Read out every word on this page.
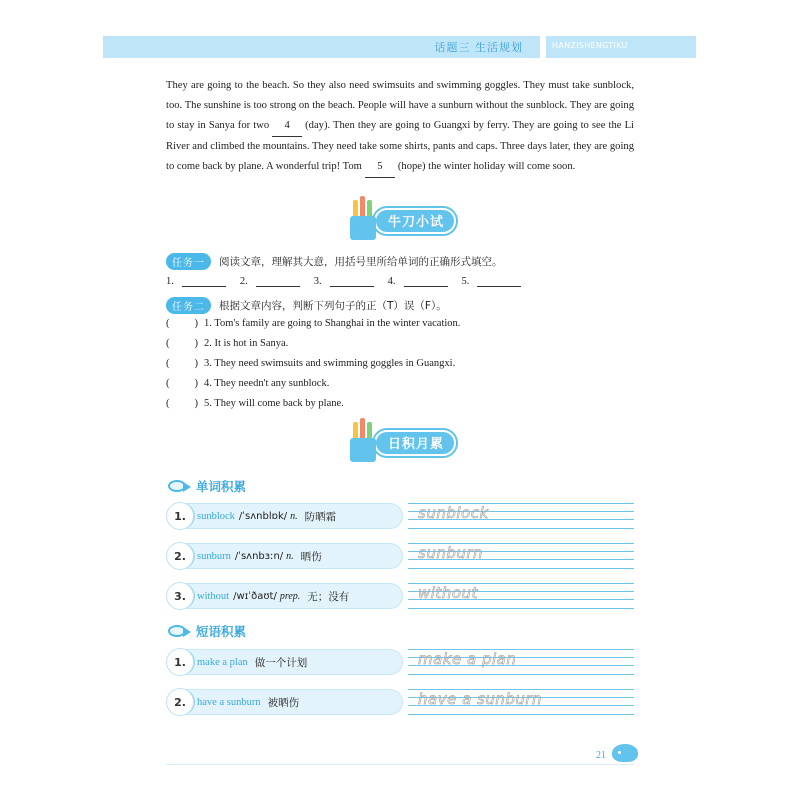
话题三 生活规划	HANZISHENGTIKU

They are going to the beach. So they also need swimsuits and swimming goggles. They must take sunblock, too. The sunshine is too strong on the beach. People will have a sunburn without the sunblock. They are going to stay in Sanya for two 4 (day). Then they are going to Guangxi by ferry. They are going to see the Li River and climbed the mountains. They need take some shirts, pants and caps. Three days later, they are going to come back by plane. A wonderful trip! Tom 5 (hope) the winter holiday will come soon.

牛刀小试
任务一	阅读文章，理解其大意，用括号里所给单词的正确形式填空。
1.	2.	3.	4.	5.
任务二	根据文章内容，判断下列句子的正（T）误（F）。
( ) 1. Tom's family are going to Shanghai in the winter vacation.
( ) 2. It is hot in Sanya.
( ) 3. They need swimsuits and swimming goggles in Guangxi.
( ) 4. They needn't any sunblock.
( ) 5. They will come back by plane.
日积月累
单词积累
1.	sunblock /ˈsʌnblɒk/ n. 防晒霜	sunblock
2.	sunburn /ˈsʌnbɜːn/ n. 晒伤	sunburn
3.	without /wɪˈðaʊt/ prep. 无；没有	without
短语积累
1.	make a plan 做一个计划	make a plan
2.	have a sunburn 被晒伤	have a sunburn
21
